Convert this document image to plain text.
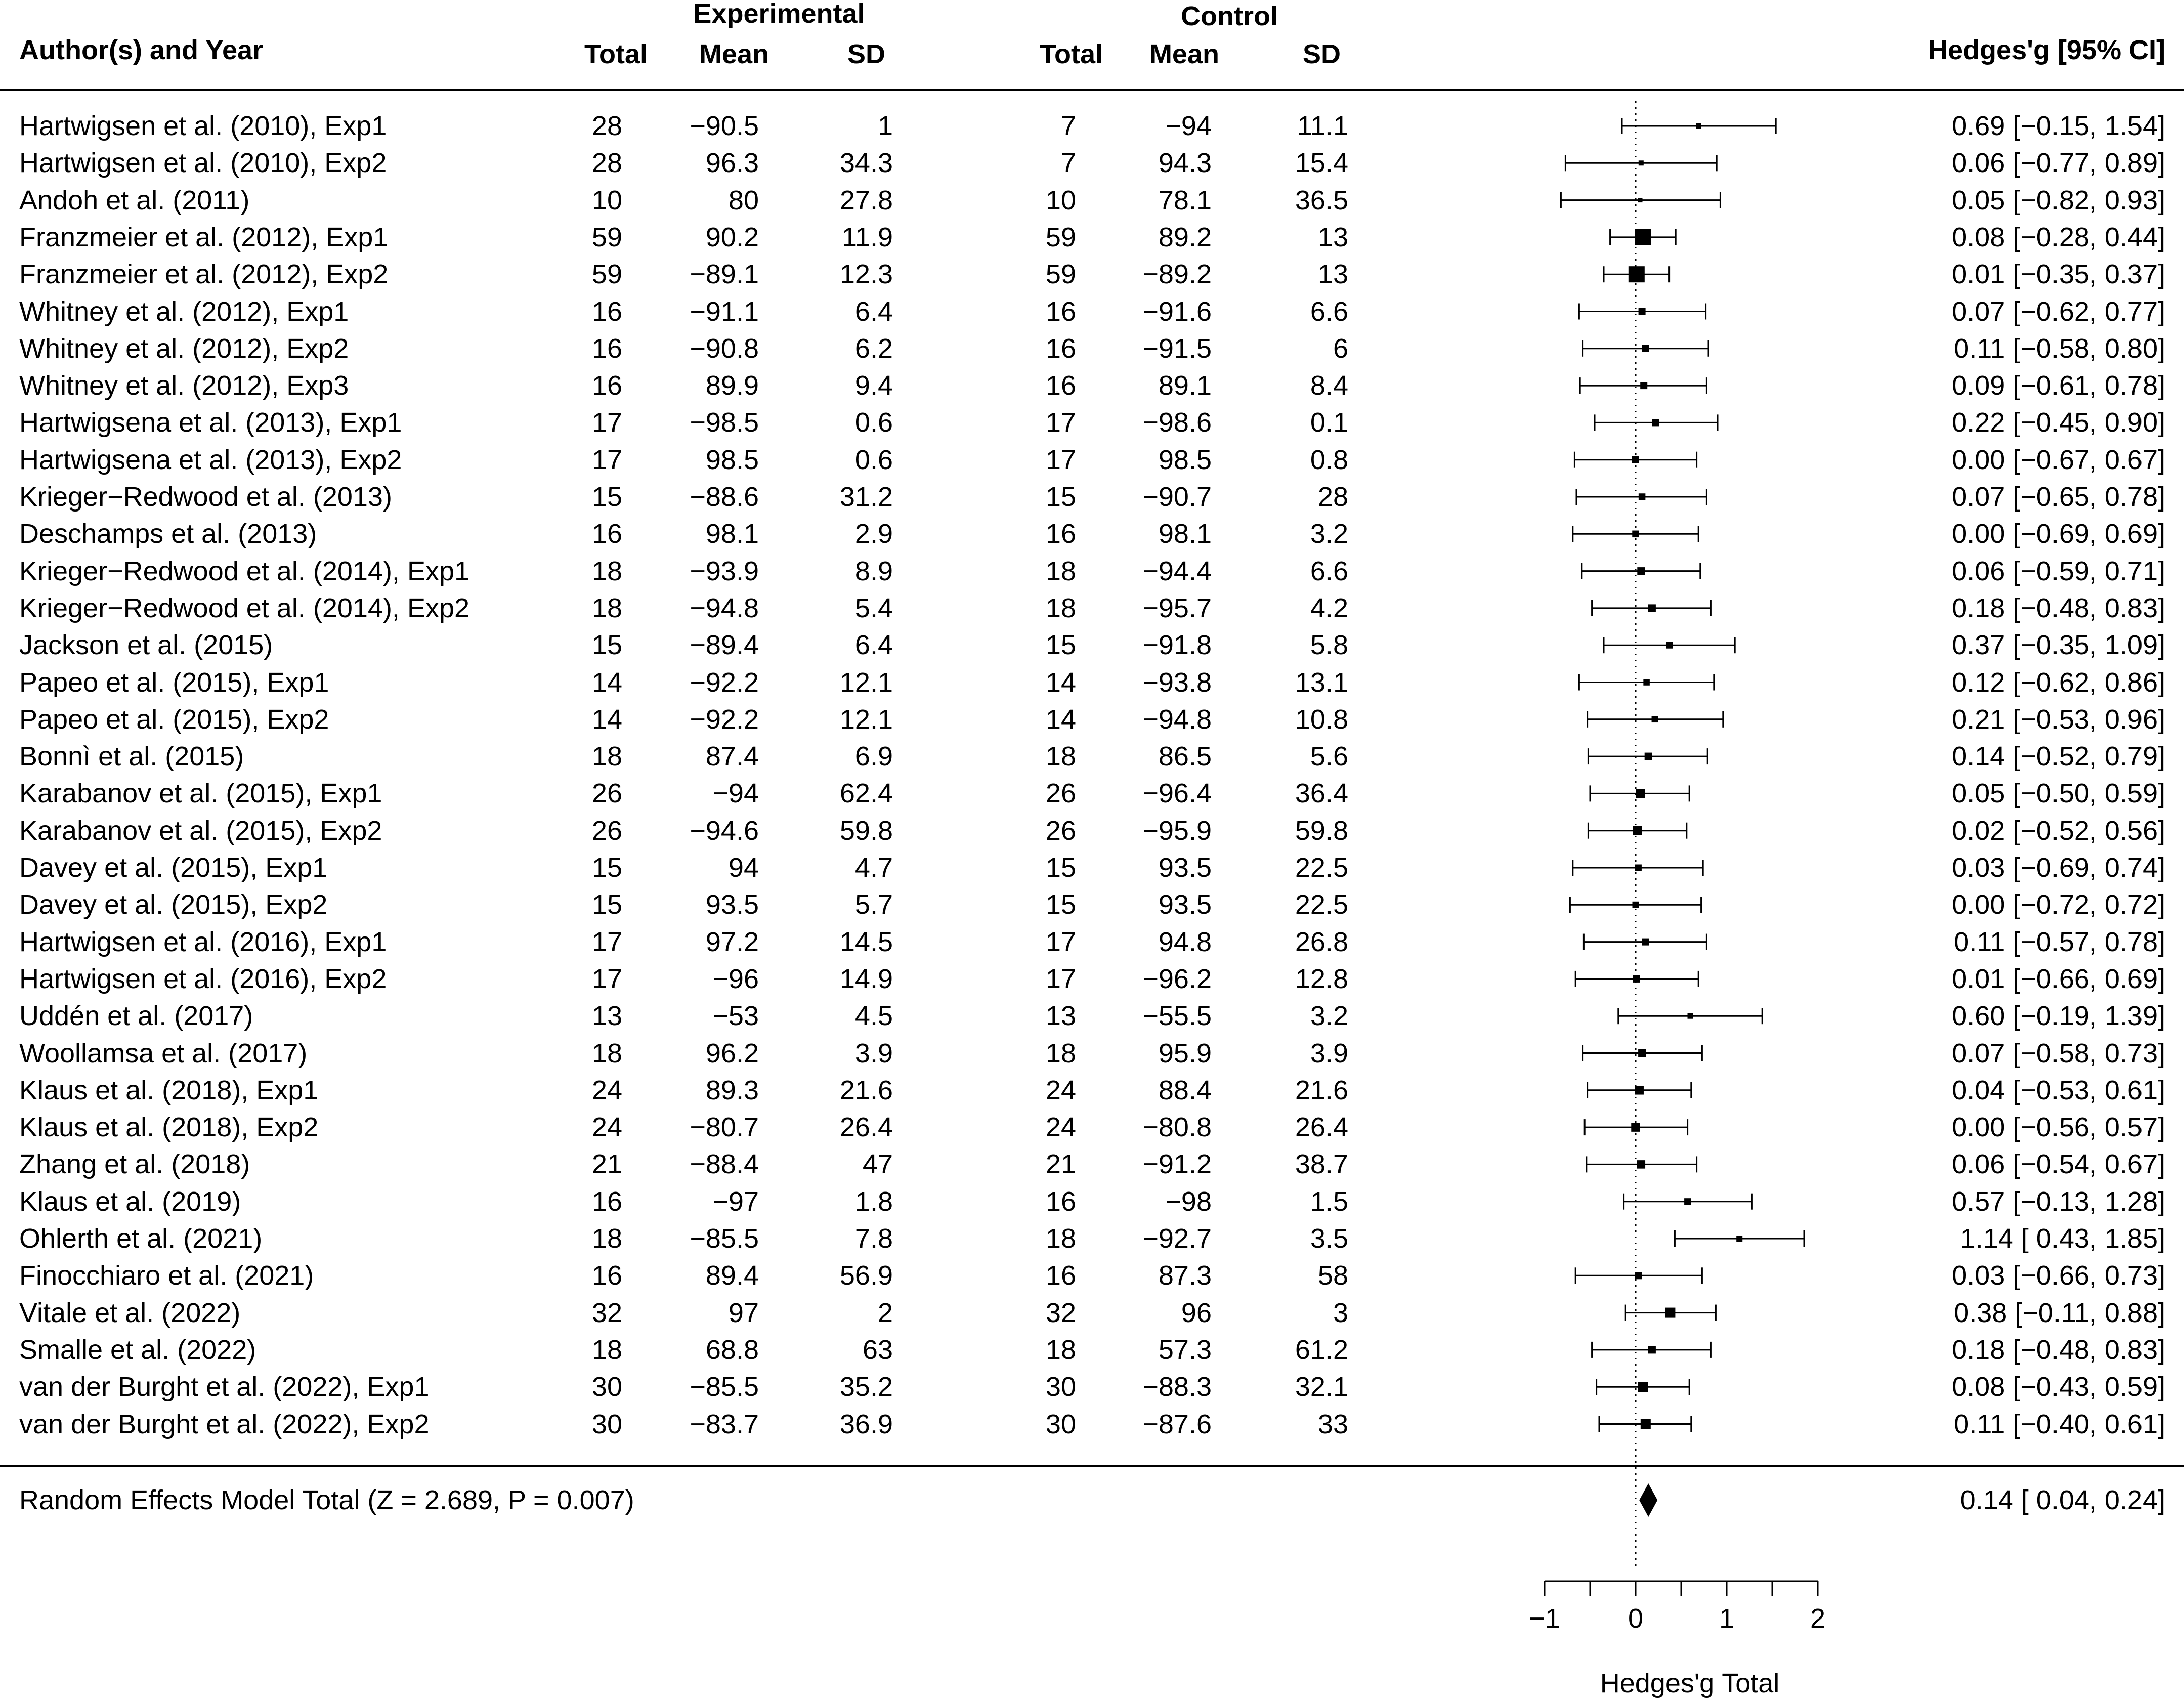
Experimental	Control
Author(s) and Year	Total	Mean	SD	Total	Mean	SD	Hedges'g [95% CI]
Hartwigsen et al. (2010), Exp1	28	−90.5	1	7	−94	11.1	0.69 [−0.15, 1.54]
Hartwigsen et al. (2010), Exp2	28	96.3	34.3	7	94.3	15.4	0.06 [−0.77, 0.89]
Andoh et al. (2011)	10	80	27.8	10	78.1	36.5	0.05 [−0.82, 0.93]
Franzmeier et al. (2012), Exp1	59	90.2	11.9	59	89.2	13	0.08 [−0.28, 0.44]
Franzmeier et al. (2012), Exp2	59	−89.1	12.3	59	−89.2	13	0.01 [−0.35, 0.37]
Whitney et al. (2012), Exp1	16	−91.1	6.4	16	−91.6	6.6	0.07 [−0.62, 0.77]
Whitney et al. (2012), Exp2	16	−90.8	6.2	16	−91.5	6	0.11 [−0.58, 0.80]
Whitney et al. (2012), Exp3	16	89.9	9.4	16	89.1	8.4	0.09 [−0.61, 0.78]
Hartwigsena et al. (2013), Exp1	17	−98.5	0.6	17	−98.6	0.1	0.22 [−0.45, 0.90]
Hartwigsena et al. (2013), Exp2	17	98.5	0.6	17	98.5	0.8	0.00 [−0.67, 0.67]
Krieger−Redwood et al. (2013)	15	−88.6	31.2	15	−90.7	28	0.07 [−0.65, 0.78]
Deschamps et al. (2013)	16	98.1	2.9	16	98.1	3.2	0.00 [−0.69, 0.69]
Krieger−Redwood et al. (2014), Exp1	18	−93.9	8.9	18	−94.4	6.6	0.06 [−0.59, 0.71]
Krieger−Redwood et al. (2014), Exp2	18	−94.8	5.4	18	−95.7	4.2	0.18 [−0.48, 0.83]
Jackson et al. (2015)	15	−89.4	6.4	15	−91.8	5.8	0.37 [−0.35, 1.09]
Papeo et al. (2015), Exp1	14	−92.2	12.1	14	−93.8	13.1	0.12 [−0.62, 0.86]
Papeo et al. (2015), Exp2	14	−92.2	12.1	14	−94.8	10.8	0.21 [−0.53, 0.96]
Bonnì et al. (2015)	18	87.4	6.9	18	86.5	5.6	0.14 [−0.52, 0.79]
Karabanov et al. (2015), Exp1	26	−94	62.4	26	−96.4	36.4	0.05 [−0.50, 0.59]
Karabanov et al. (2015), Exp2	26	−94.6	59.8	26	−95.9	59.8	0.02 [−0.52, 0.56]
Davey et al. (2015), Exp1	15	94	4.7	15	93.5	22.5	0.03 [−0.69, 0.74]
Davey et al. (2015), Exp2	15	93.5	5.7	15	93.5	22.5	0.00 [−0.72, 0.72]
Hartwigsen et al. (2016), Exp1	17	97.2	14.5	17	94.8	26.8	0.11 [−0.57, 0.78]
Hartwigsen et al. (2016), Exp2	17	−96	14.9	17	−96.2	12.8	0.01 [−0.66, 0.69]
Uddén et al. (2017)	13	−53	4.5	13	−55.5	3.2	0.60 [−0.19, 1.39]
Woollamsa et al. (2017)	18	96.2	3.9	18	95.9	3.9	0.07 [−0.58, 0.73]
Klaus et al. (2018), Exp1	24	89.3	21.6	24	88.4	21.6	0.04 [−0.53, 0.61]
Klaus et al. (2018), Exp2	24	−80.7	26.4	24	−80.8	26.4	0.00 [−0.56, 0.57]
Zhang et al. (2018)	21	−88.4	47	21	−91.2	38.7	0.06 [−0.54, 0.67]
Klaus et al. (2019)	16	−97	1.8	16	−98	1.5	0.57 [−0.13, 1.28]
Ohlerth et al. (2021)	18	−85.5	7.8	18	−92.7	3.5	1.14 [ 0.43, 1.85]
Finocchiaro et al. (2021)	16	89.4	56.9	16	87.3	58	0.03 [−0.66, 0.73]
Vitale et al. (2022)	32	97	2	32	96	3	0.38 [−0.11, 0.88]
Smalle et al. (2022)	18	68.8	63	18	57.3	61.2	0.18 [−0.48, 0.83]
van der Burght et al. (2022), Exp1	30	−85.5	35.2	30	−88.3	32.1	0.08 [−0.43, 0.59]
van der Burght et al. (2022), Exp2	30	−83.7	36.9	30	−87.6	33	0.11 [−0.40, 0.61]
Random Effects Model Total (Z = 2.689, P = 0.007)	0.14 [ 0.04, 0.24]
−1 0	1	2
Hedges'g Total
